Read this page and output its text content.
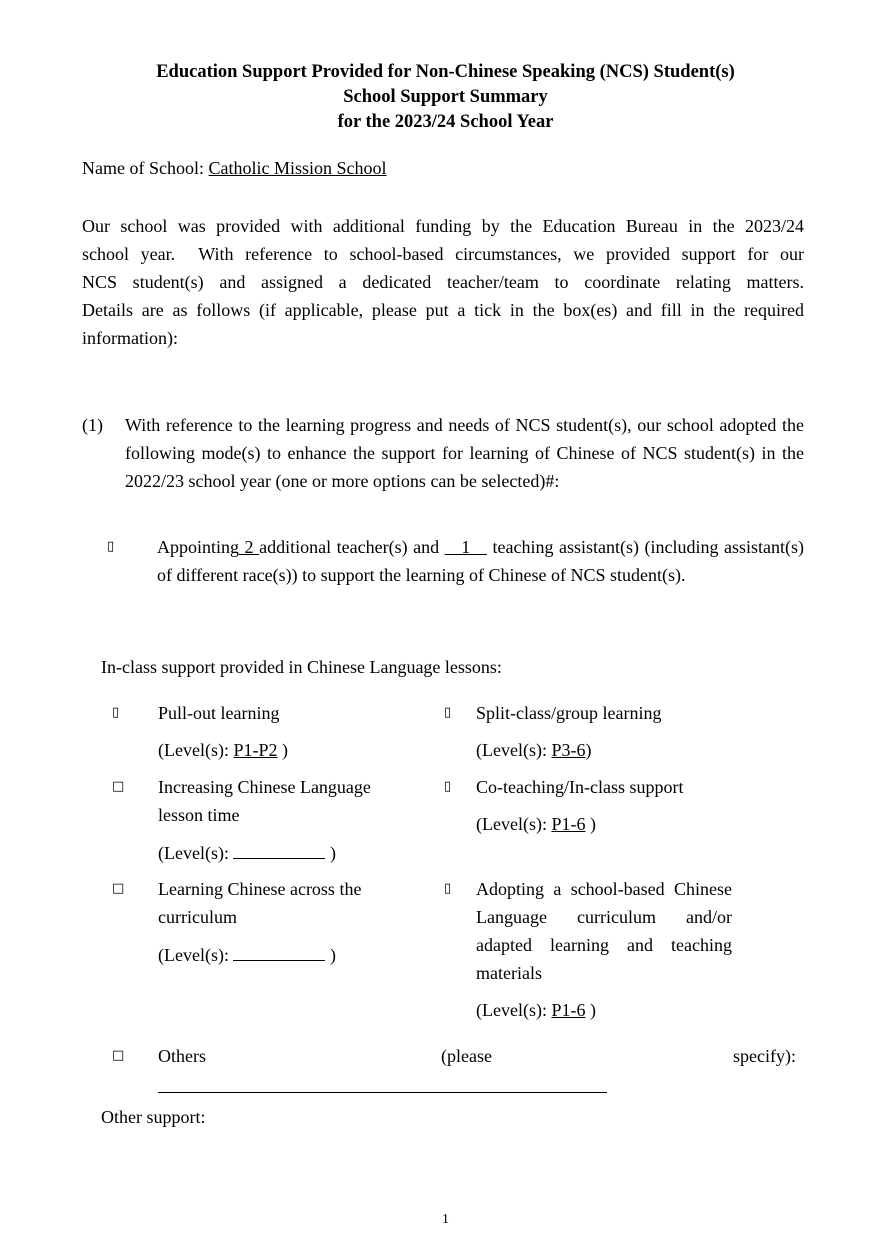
Education Support Provided for Non-Chinese Speaking (NCS) Student(s)
School Support Summary
for the 2023/24 School Year
Name of School: Catholic Mission School
Our school was provided with additional funding by the Education Bureau in the 2023/24
school year.  With reference to school-based circumstances, we provided support for our
NCS student(s) and assigned a dedicated teacher/team to coordinate relating matters.
Details are as follows (if applicable, please put a tick in the box(es) and fill in the required
information):
(1) With reference to the learning progress and needs of NCS student(s), our school adopted the following mode(s) to enhance the support for learning of Chinese of NCS student(s) in the 2022/23 school year (one or more options can be selected)#:
▯ Appointing 2 additional teacher(s) and    1    teaching assistant(s) (including assistant(s) of different race(s)) to support the learning of Chinese of NCS student(s).
In-class support provided in Chinese Language lessons:
▯ Pull-out learning
(Level(s): P1-P2 )
▯ Split-class/group learning
(Level(s): P3-6)
□ Increasing Chinese Language lesson time
(Level(s):	)
▯ Co-teaching/In-class support
(Level(s): P1-6 )
□ Learning Chinese across the curriculum
(Level(s):	)
▯ Adopting a school-based Chinese Language curriculum and/or adapted learning and teaching materials
(Level(s): P1-6 )
□ Others	(please	specify):
Other support:
1
